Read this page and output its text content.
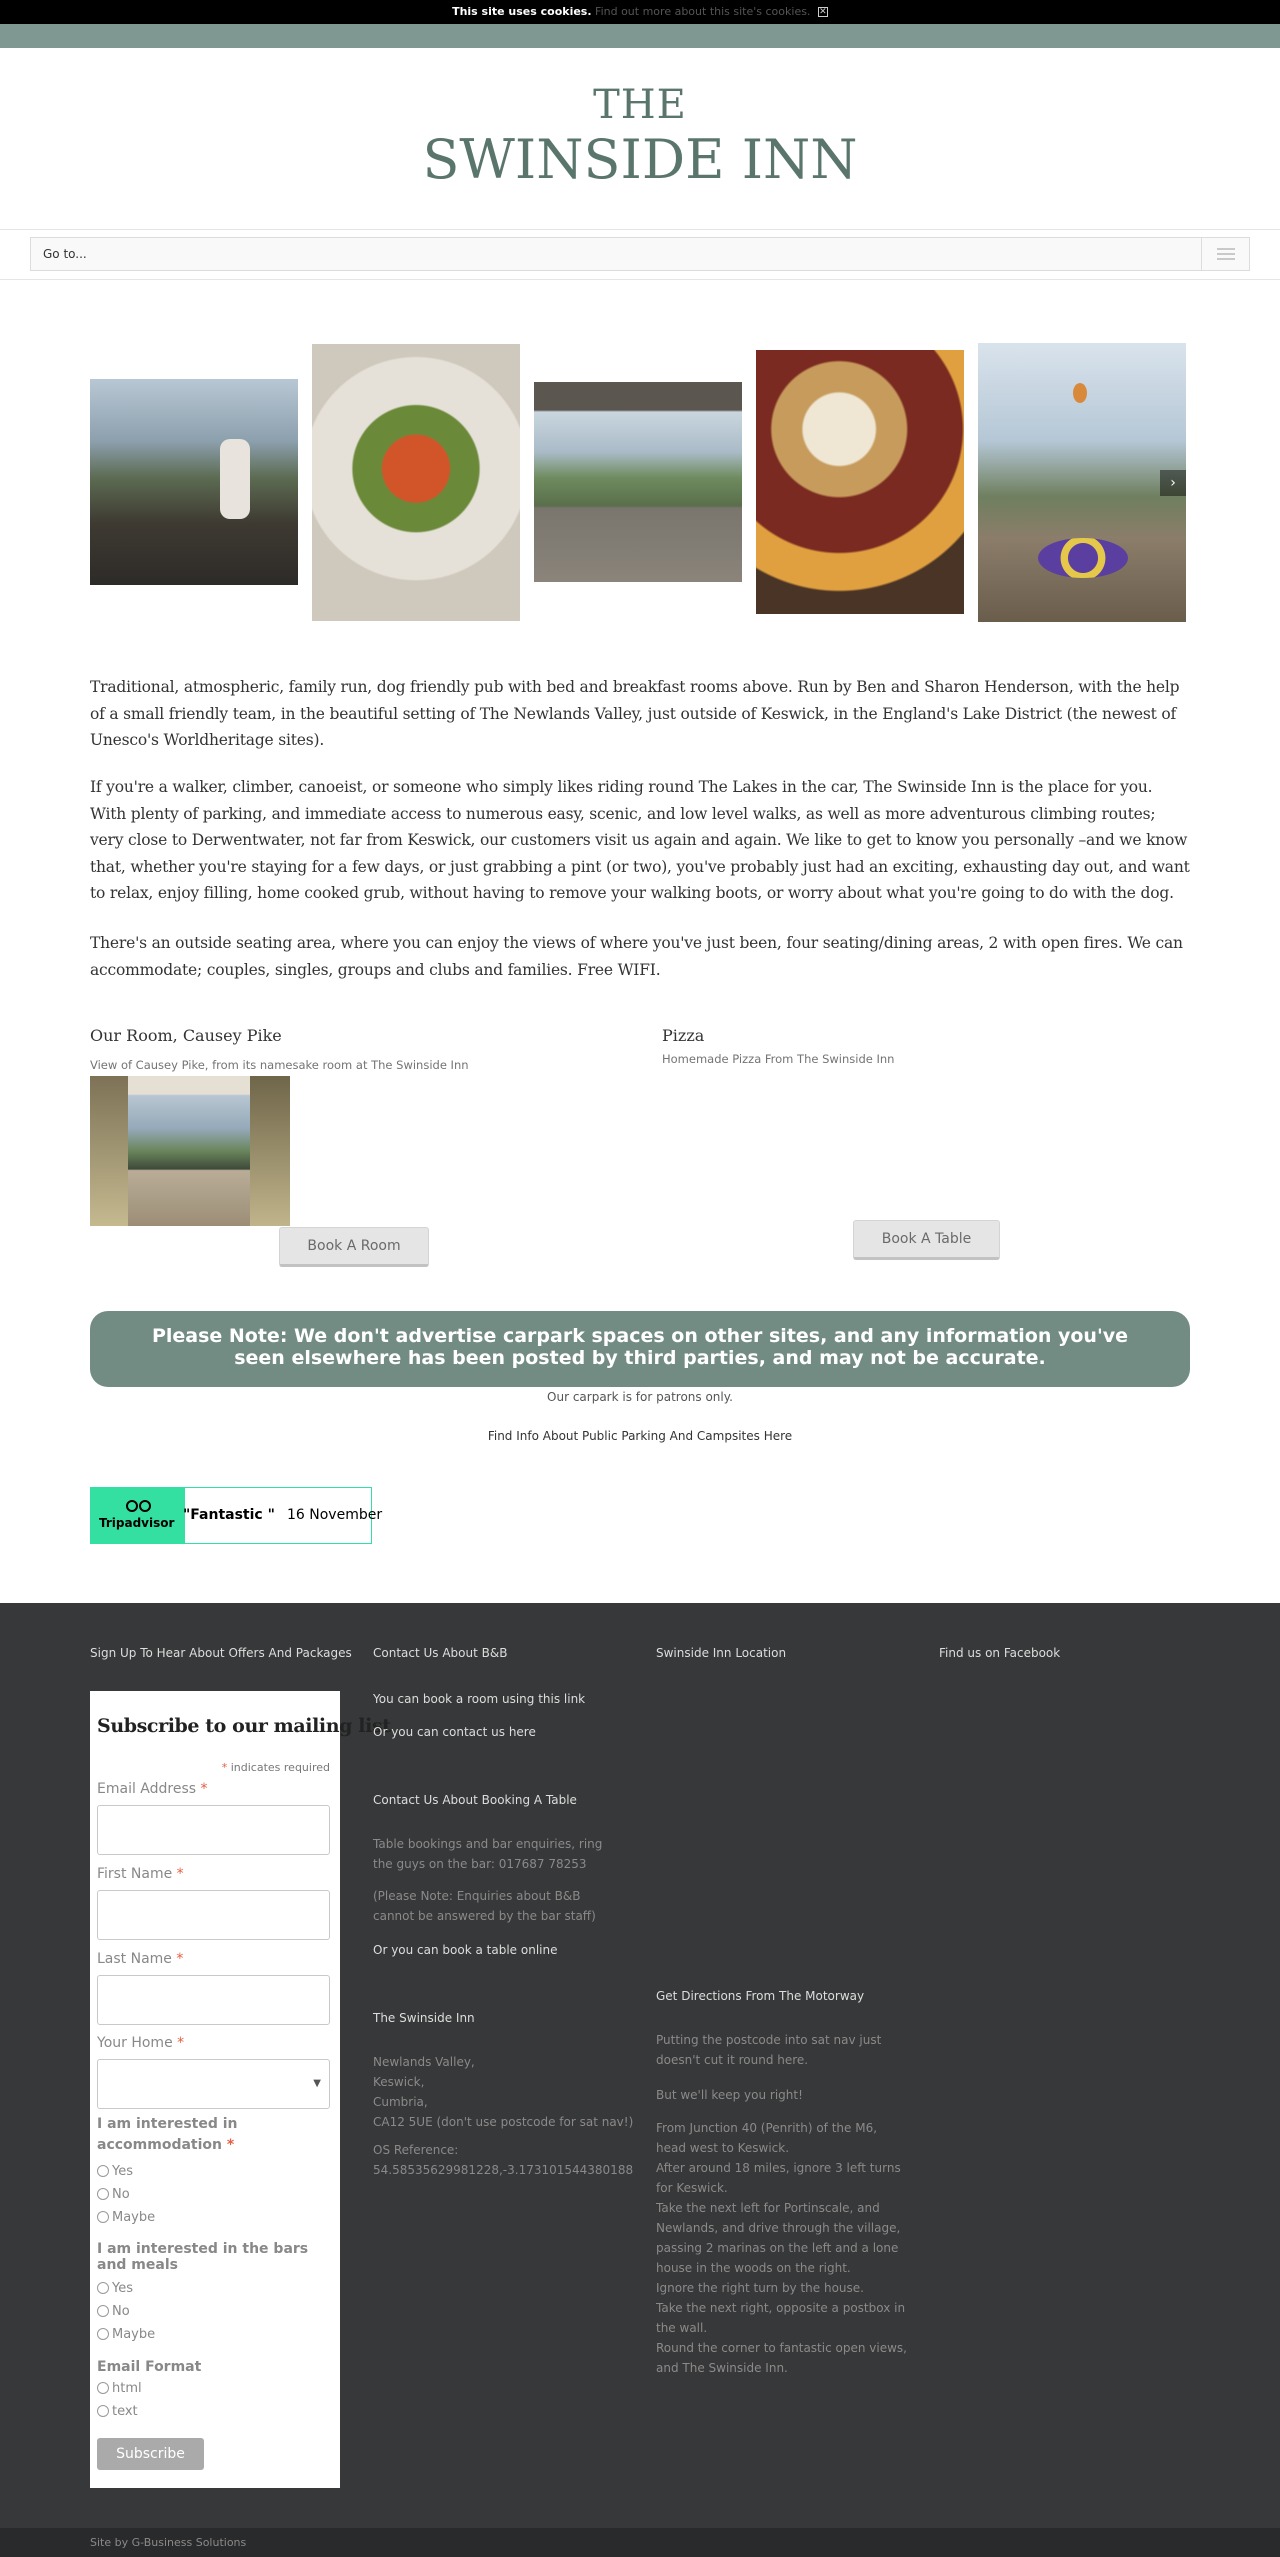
This site uses cookies. Find out more about this site's cookies. ✕
THE
SWINSIDE INN
Go to...
›

Traditional, atmospheric, family run, dog friendly pub with bed and breakfast rooms above. Run by Ben and Sharon Henderson, with the help of a small friendly team, in the beautiful setting of The Newlands Valley, just outside of Keswick, in the England's Lake District (the newest of Unesco's Worldheritage sites).

If you're a walker, climber, canoeist, or someone who simply likes riding round The Lakes in the car, The Swinside Inn is the place for you. With plenty of parking, and immediate access to numerous easy, scenic, and low level walks, as well as more adventurous climbing routes; very close to Derwentwater, not far from Keswick, our customers visit us again and again. We like to get to know you personally –and we know that, whether you're staying for a few days, or just grabbing a pint (or two), you've probably just had an exciting, exhausting day out, and want to relax, enjoy filling, home cooked grub, without having to remove your walking boots, or worry about what you're going to do with the dog.

There's an outside seating area, where you can enjoy the views of where you've just been, four seating/dining areas, 2 with open fires. We can accommodate; couples, singles, groups and clubs and families. Free WIFI.

Our Room, Causey Pike
View of Causey Pike, from its namesake room at The Swinside Inn
Book A Room
Pizza
Homemade Pizza From The Swinside Inn
Book A Table
Please Note: We don't advertise carpark spaces on other sites, and any information you've seen elsewhere has been posted by third parties, and may not be accurate.
Our carpark is for patrons only.
Find Info About Public Parking And Campsites Here
Tripadvisor "Fantastic " 16 November
Sign Up To Hear About Offers And Packages
Subscribe to our mailing list
* indicates required
Email Address *
First Name *
Last Name *
Your Home *
▼
I am interested in accommodation *
Yes
No
Maybe
I am interested in the bars and meals
Yes
No
Maybe
Email Format
html
text
Subscribe
Contact Us About B&B
You can book a room using this link
Or you can contact us here
Contact Us About Booking A Table
Table bookings and bar enquiries, ring the guys on the bar: 017687 78253
(Please Note: Enquiries about B&B cannot be answered by the bar staff)
Or you can book a table online
The Swinside Inn
Newlands Valley,
Keswick,
Cumbria,
CA12 5UE (don't use postcode for sat nav!)
OS Reference:
54.58535629981228,-3.173101544380188
Swinside Inn Location
Get Directions From The Motorway
Putting the postcode into sat nav just doesn't cut it round here.
But we'll keep you right!
From Junction 40 (Penrith) of the M6, head west to Keswick.
After around 18 miles, ignore 3 left turns for Keswick.
Take the next left for Portinscale, and Newlands, and drive through the village, passing 2 marinas on the left and a lone house in the woods on the right.
Ignore the right turn by the house.
Take the next right, opposite a postbox in the wall.
Round the corner to fantastic open views, and The Swinside Inn.
Find us on Facebook
Site by G-Business Solutions
